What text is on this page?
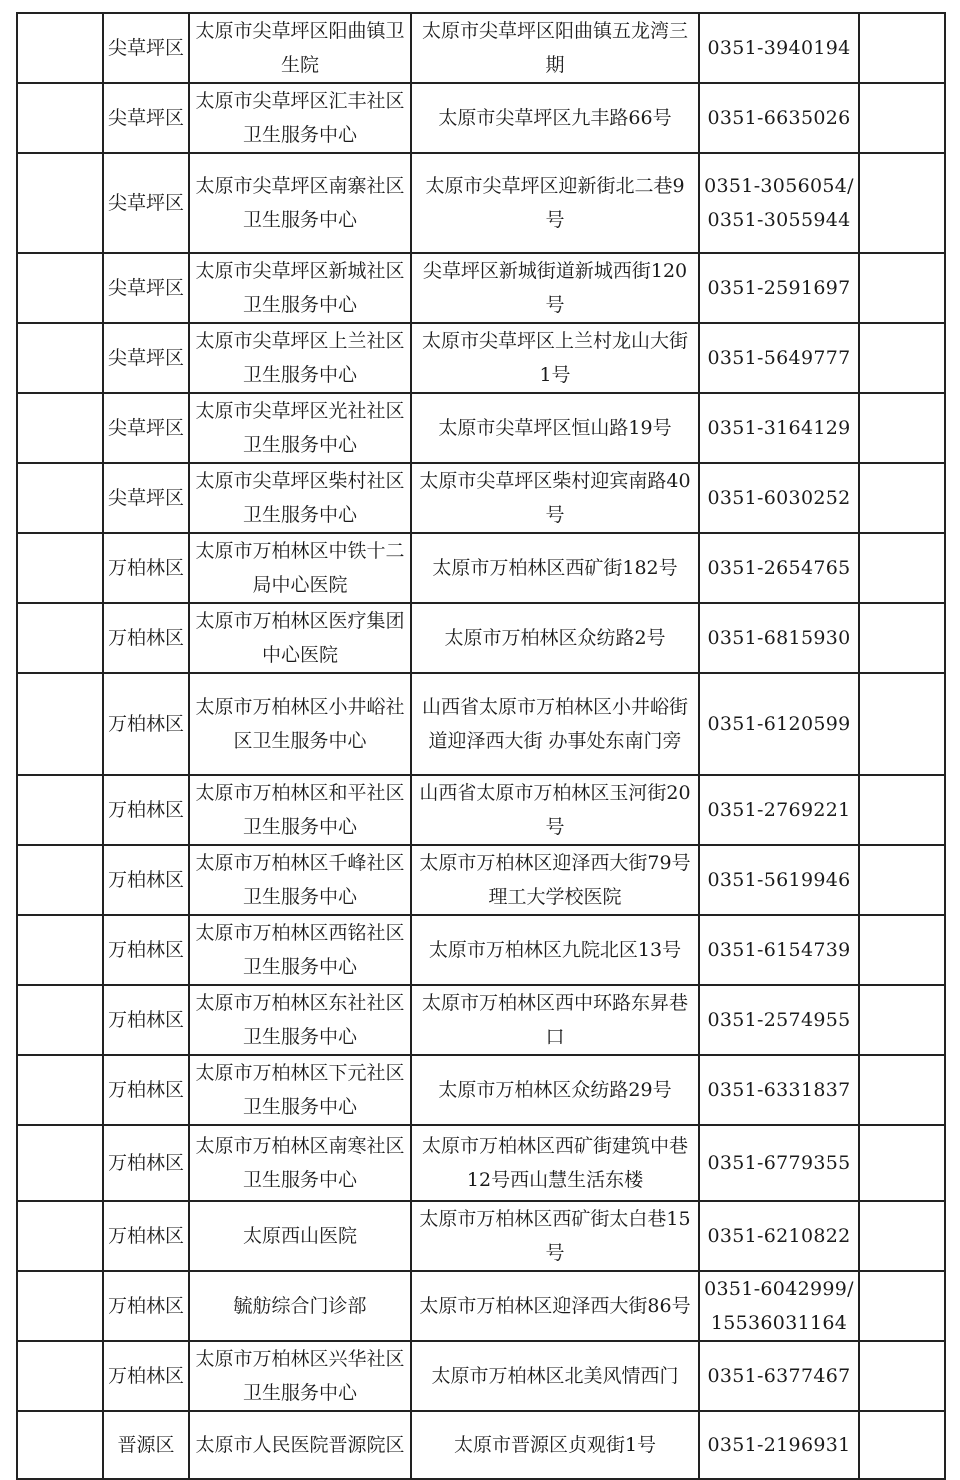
	尖草坪区	太原市尖草坪区阳曲镇卫生院	太原市尖草坪区阳曲镇五龙湾三期	0351-3940194	
	尖草坪区	太原市尖草坪区汇丰社区卫生服务中心	太原市尖草坪区九丰路66号	0351-6635026	
	尖草坪区	太原市尖草坪区南寨社区卫生服务中心	太原市尖草坪区迎新街北二巷9号	0351-3056054/0351-3055944	
	尖草坪区	太原市尖草坪区新城社区卫生服务中心	尖草坪区新城街道新城西街120号	0351-2591697	
	尖草坪区	太原市尖草坪区上兰社区卫生服务中心	太原市尖草坪区上兰村龙山大街1号	0351-5649777	
	尖草坪区	太原市尖草坪区光社社区卫生服务中心	太原市尖草坪区恒山路19号	0351-3164129	
	尖草坪区	太原市尖草坪区柴村社区卫生服务中心	太原市尖草坪区柴村迎宾南路40号	0351-6030252	
	万柏林区	太原市万柏林区中铁十二局中心医院	太原市万柏林区西矿街182号	0351-2654765	
	万柏林区	太原市万柏林区医疗集团中心医院	太原市万柏林区众纺路2号	0351-6815930	
	万柏林区	太原市万柏林区小井峪社区卫生服务中心	山西省太原市万柏林区小井峪街道迎泽西大街 办事处东南门旁	0351-6120599	
	万柏林区	太原市万柏林区和平社区卫生服务中心	山西省太原市万柏林区玉河街20号	0351-2769221	
	万柏林区	太原市万柏林区千峰社区卫生服务中心	太原市万柏林区迎泽西大街79号理工大学校医院	0351-5619946	
	万柏林区	太原市万柏林区西铭社区卫生服务中心	太原市万柏林区九院北区13号	0351-6154739	
	万柏林区	太原市万柏林区东社社区卫生服务中心	太原市万柏林区西中环路东昇巷口	0351-2574955	
	万柏林区	太原市万柏林区下元社区卫生服务中心	太原市万柏林区众纺路29号	0351-6331837	
	万柏林区	太原市万柏林区南寒社区卫生服务中心	太原市万柏林区西矿街建筑中巷12号西山慧生活东楼	0351-6779355	
	万柏林区	太原西山医院	太原市万柏林区西矿街太白巷15号	0351-6210822	
	万柏林区	毓舫综合门诊部	太原市万柏林区迎泽西大街86号	0351-6042999/15536031164	
	万柏林区	太原市万柏林区兴华社区卫生服务中心	太原市万柏林区北美风情西门	0351-6377467	
	晋源区	太原市人民医院晋源院区	太原市晋源区贞观街1号	0351-2196931	
